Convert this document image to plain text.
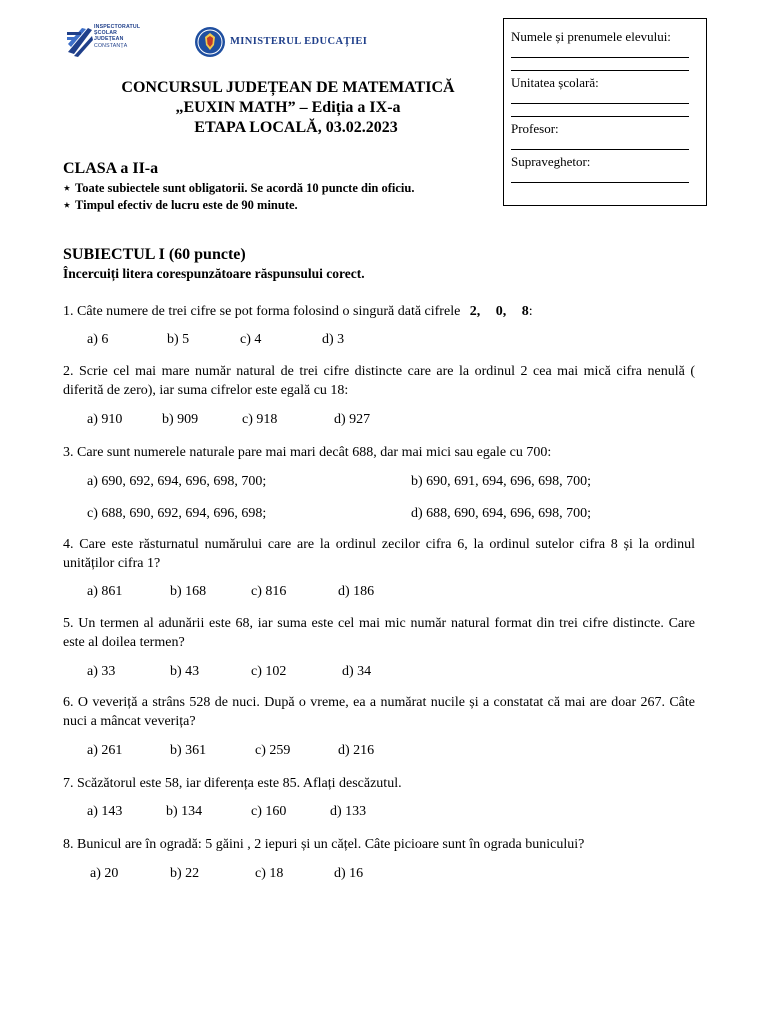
INSPECTORATUL
ȘCOLAR
JUDEȚEAN
CONSTANȚA	MINISTERUL EDUCAȚIEI
CONCURSUL JUDEȚEAN DE MATEMATICĂ
„EUXIN MATH” – Ediția a IX-a
ETAPA LOCALĂ, 03.02.2023
Numele și prenumele elevului:
Unitatea școlară:
Profesor:
Supraveghetor:
CLASA a II-a
⋆ Toate subiectele sunt obligatorii. Se acordă 10 puncte din oficiu.
⋆ Timpul efectiv de lucru este de 90 minute.
SUBIECTUL I (60 puncte)
Încercuiți litera corespunzătoare răspunsului corect.
1. Câte numere de trei cifre se pot forma folosind o singură dată cifrele 2, 0, 8:
a) 6	b) 5	c) 4	d) 3
2. Scrie cel mai mare număr natural de trei cifre distincte care are la ordinul 2 cea mai mică cifra nenulă ( diferită de zero), iar suma cifrelor este egală cu 18:
a) 910	b) 909	c) 918	d) 927
3. Care sunt numerele naturale pare mai mari decât 688, dar mai mici sau egale cu 700:
a) 690, 692, 694, 696, 698, 700;	b) 690, 691, 694, 696, 698, 700;
c) 688, 690, 692, 694, 696, 698;	d) 688, 690, 694, 696, 698, 700;
4. Care este răsturnatul numărului care are la ordinul zecilor cifra 6, la ordinul sutelor cifra 8 și la ordinul unităților cifra 1?
a) 861	b) 168	c) 816	d) 186
5. Un termen al adunării este 68, iar suma este cel mai mic număr natural format din trei cifre distincte. Care este al doilea termen?
a) 33	b) 43	c) 102	d) 34
6. O veveriță a strâns 528 de nuci. După o vreme, ea a numărat nucile și a constatat că mai are doar 267. Câte nuci a mâncat veverița?
a) 261	b) 361	c) 259	d) 216
7. Scăzătorul este 58, iar diferența este 85. Aflați descăzutul.
a) 143	b) 134	c) 160	d) 133
8. Bunicul are în ogradă: 5 găini , 2 iepuri și un cățel. Câte picioare sunt în ograda bunicului?
a) 20	b) 22	c) 18	d) 16
